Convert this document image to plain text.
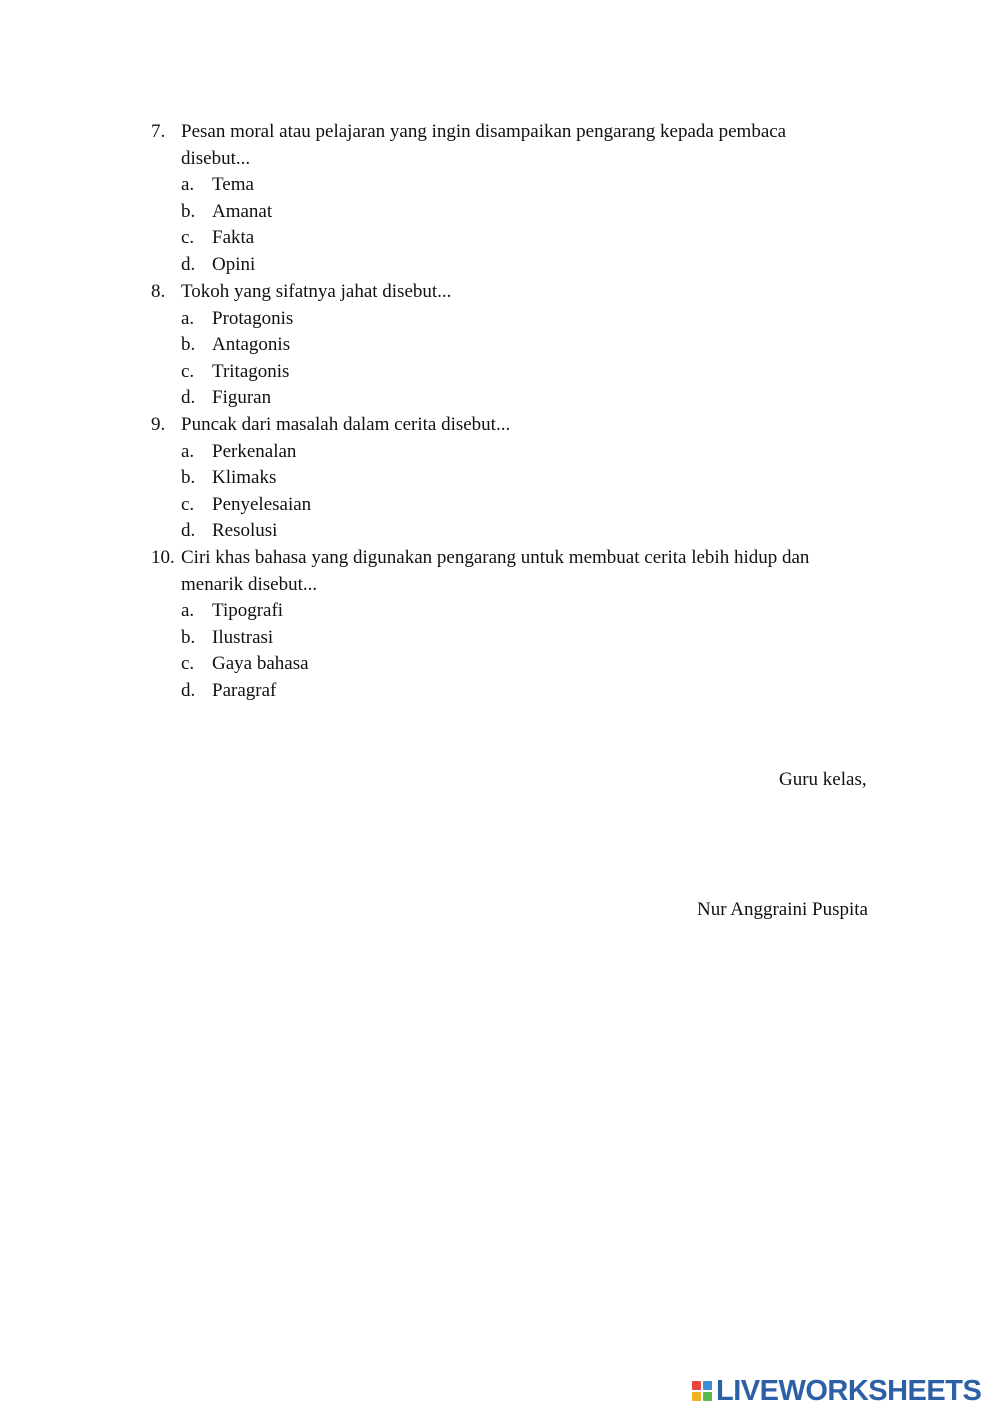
7. Pesan moral atau pelajaran yang ingin disampaikan pengarang kepada pembaca
disebut...
a. Tema
b. Amanat
c. Fakta
d. Opini
8. Tokoh yang sifatnya jahat disebut...
a. Protagonis
b. Antagonis
c. Tritagonis
d. Figuran
9. Puncak dari masalah dalam cerita disebut...
a. Perkenalan
b. Klimaks
c. Penyelesaian
d. Resolusi
10. Ciri khas bahasa yang digunakan pengarang untuk membuat cerita lebih hidup dan
menarik disebut...
a. Tipografi
b. Ilustrasi
c. Gaya bahasa
d. Paragraf
Guru kelas,
Nur Anggraini Puspita
LIVEWORKSHEETS
